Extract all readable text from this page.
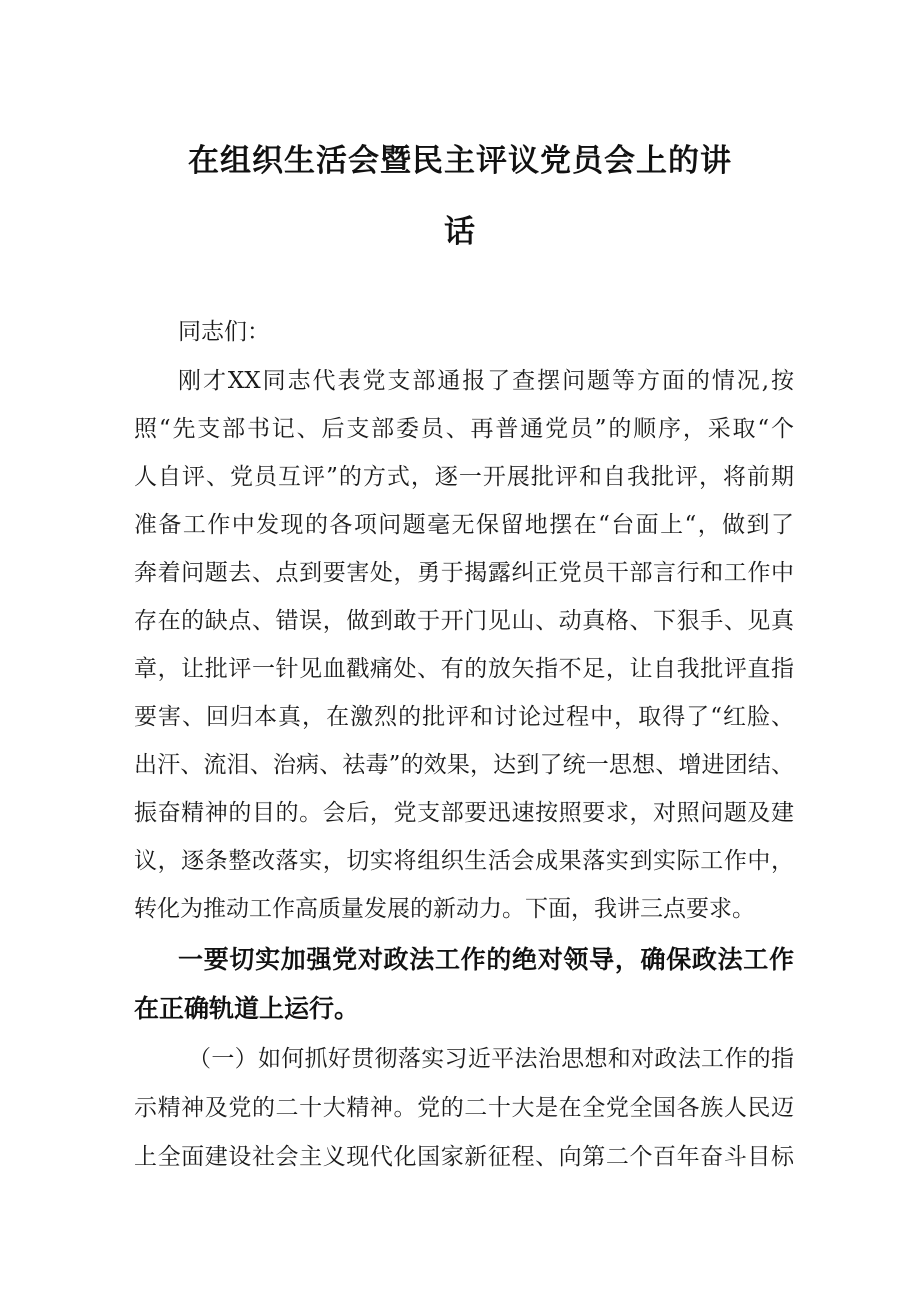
在组织生活会暨民主评议党员会上的讲
话
同志们：
刚才XX同志代表党支部通报了查摆问题等方面的情况,按
照“先支部书记、后支部委员、再普通党员”的顺序，采取“个
人自评、党员互评”的方式，逐一开展批评和自我批评，将前期
准备工作中发现的各项问题毫无保留地摆在“台面上“，做到了
奔着问题去、点到要害处，勇于揭露纠正党员干部言行和工作中
存在的缺点、错误，做到敢于开门见山、动真格、下狠手、见真
章，让批评一针见血戳痛处、有的放矢指不足，让自我批评直指
要害、回归本真，在激烈的批评和讨论过程中，取得了“红脸、
出汗、流泪、治病、祛毒”的效果，达到了统一思想、增进团结、
振奋精神的目的。会后，党支部要迅速按照要求，对照问题及建
议，逐条整改落实，切实将组织生活会成果落实到实际工作中，
转化为推动工作高质量发展的新动力。下面，我讲三点要求。
一要切实加强党对政法工作的绝对领导，确保政法工作
在正确轨道上运行。
（一）如何抓好贯彻落实习近平法治思想和对政法工作的指
示精神及党的二十大精神。党的二十大是在全党全国各族人民迈
上全面建设社会主义现代化国家新征程、向第二个百年奋斗目标
